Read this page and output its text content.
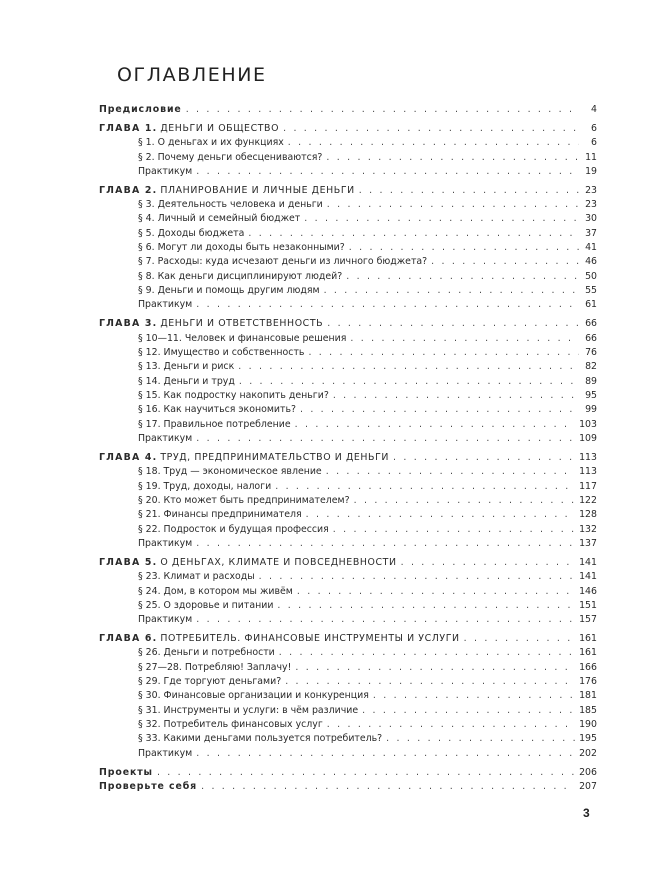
ОГЛАВЛЕНИЕ
Предисловие . . .	4
ГЛАВА 1. ДЕНЬГИ И ОБЩЕСТВО . . .	6
§ 1. О деньгах и их функциях . . .	6
§ 2. Почему деньги обесцениваются? . . .	11
Практикум . . .	19
ГЛАВА 2. ПЛАНИРОВАНИЕ И ЛИЧНЫЕ ДЕНЬГИ . . .	23
§ 3. Деятельность человека и деньги . . .	23
§ 4. Личный и семейный бюджет . . .	30
§ 5. Доходы бюджета . . .	37
§ 6. Могут ли доходы быть незаконными? . . .	41
§ 7. Расходы: куда исчезают деньги из личного бюджета? . . .	46
§ 8. Как деньги дисциплинируют людей? . . .	50
§ 9. Деньги и помощь другим людям . . .	55
Практикум . . .	61
ГЛАВА 3. ДЕНЬГИ И ОТВЕТСТВЕННОСТЬ . . .	66
§ 10—11. Человек и финансовые решения . . .	66
§ 12. Имущество и собственность . . .	76
§ 13. Деньги и риск . . .	82
§ 14. Деньги и труд . . .	89
§ 15. Как подростку накопить деньги? . . .	95
§ 16. Как научиться экономить? . . .	99
§ 17. Правильное потребление . . .	103
Практикум . . .	109
ГЛАВА 4. ТРУД, ПРЕДПРИНИМАТЕЛЬСТВО И ДЕНЬГИ . . .	113
§ 18. Труд — экономическое явление . . .	113
§ 19. Труд, доходы, налоги . . .	117
§ 20. Кто может быть предпринимателем? . . .	122
§ 21. Финансы предпринимателя . . .	128
§ 22. Подросток и будущая профессия . . .	132
Практикум . . .	137
ГЛАВА 5. О ДЕНЬГАХ, КЛИМАТЕ И ПОВСЕДНЕВНОСТИ . . .	141
§ 23. Климат и расходы . . .	141
§ 24. Дом, в котором мы живём . . .	146
§ 25. О здоровье и питании . . .	151
Практикум . . .	157
ГЛАВА 6. ПОТРЕБИТЕЛЬ. ФИНАНСОВЫЕ ИНСТРУМЕНТЫ И УСЛУГИ . . .	161
§ 26. Деньги и потребности . . .	161
§ 27—28. Потребляю! Заплачу! . . .	166
§ 29. Где торгуют деньгами? . . .	176
§ 30. Финансовые организации и конкуренция . . .	181
§ 31. Инструменты и услуги: в чём различие . . .	185
§ 32. Потребитель финансовых услуг . . .	190
§ 33. Какими деньгами пользуется потребитель? . . .	195
Практикум . . .	202
Проекты . . .	206
Проверьте себя . . .	207
3
